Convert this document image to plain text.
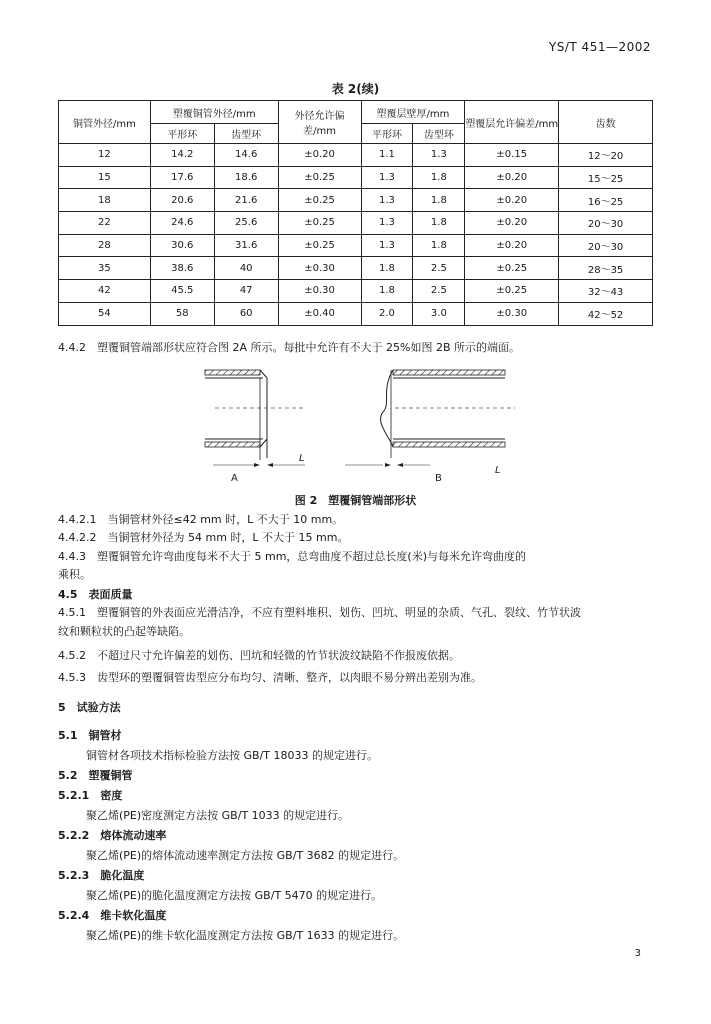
YS/T 451—2002
表 2(续)
铜管外径/mm	塑覆铜管外径/mm		外径允许偏差/mm	塑覆层壁厚/mm		塑覆层允许偏差/mm	齿数
	平形环	齿型环		平形环	齿型环		
12	14.2	14.6	±0.20	1.1	1.3	±0.15	12～20
15	17.6	18.6	±0.25	1.3	1.8	±0.20	15～25
18	20.6	21.6	±0.25	1.3	1.8	±0.20	16～25
22	24.6	25.6	±0.25	1.3	1.8	±0.20	20～30
28	30.6	31.6	±0.25	1.3	1.8	±0.20	20～30
35	38.6	40	±0.30	1.8	2.5	±0.25	28～35
42	45.5	47	±0.30	1.8	2.5	±0.25	32～43
54	58	60	±0.40	2.0	3.0	±0.30	42～52
4.4.2　塑覆铜管端部形状应符合图 2A 所示。每批中允许有不大于 25%如图 2B 所示的端面。
A
L
B
L
图 2　塑覆铜管端部形状
4.4.2.1　当铜管材外径≤42 mm 时，L 不大于 10 mm。
4.4.2.2　当铜管材外径为 54 mm 时，L 不大于 15 mm。
4.4.3　塑覆铜管允许弯曲度每米不大于 5 mm，总弯曲度不超过总长度(米)与每米允许弯曲度的
乘积。
4.5　表面质量
4.5.1　塑覆铜管的外表面应光滑洁净，不应有塑料堆积、划伤、凹坑、明显的杂质、气孔、裂纹、竹节状波
纹和颗粒状的凸起等缺陷。
4.5.2　不超过尺寸允许偏差的划伤、凹坑和轻微的竹节状波纹缺陷不作报废依据。
4.5.3　齿型环的塑覆铜管齿型应分布均匀、清晰、整齐，以肉眼不易分辨出差别为准。
5　试验方法
5.1　铜管材
铜管材各项技术指标检验方法按 GB/T 18033 的规定进行。
5.2　塑覆铜管
5.2.1　密度
聚乙烯(PE)密度测定方法按 GB/T 1033 的规定进行。
5.2.2　熔体流动速率
聚乙烯(PE)的熔体流动速率测定方法按 GB/T 3682 的规定进行。
5.2.3　脆化温度
聚乙烯(PE)的脆化温度测定方法按 GB/T 5470 的规定进行。
5.2.4　维卡软化温度
聚乙烯(PE)的维卡软化温度测定方法按 GB/T 1633 的规定进行。
3
